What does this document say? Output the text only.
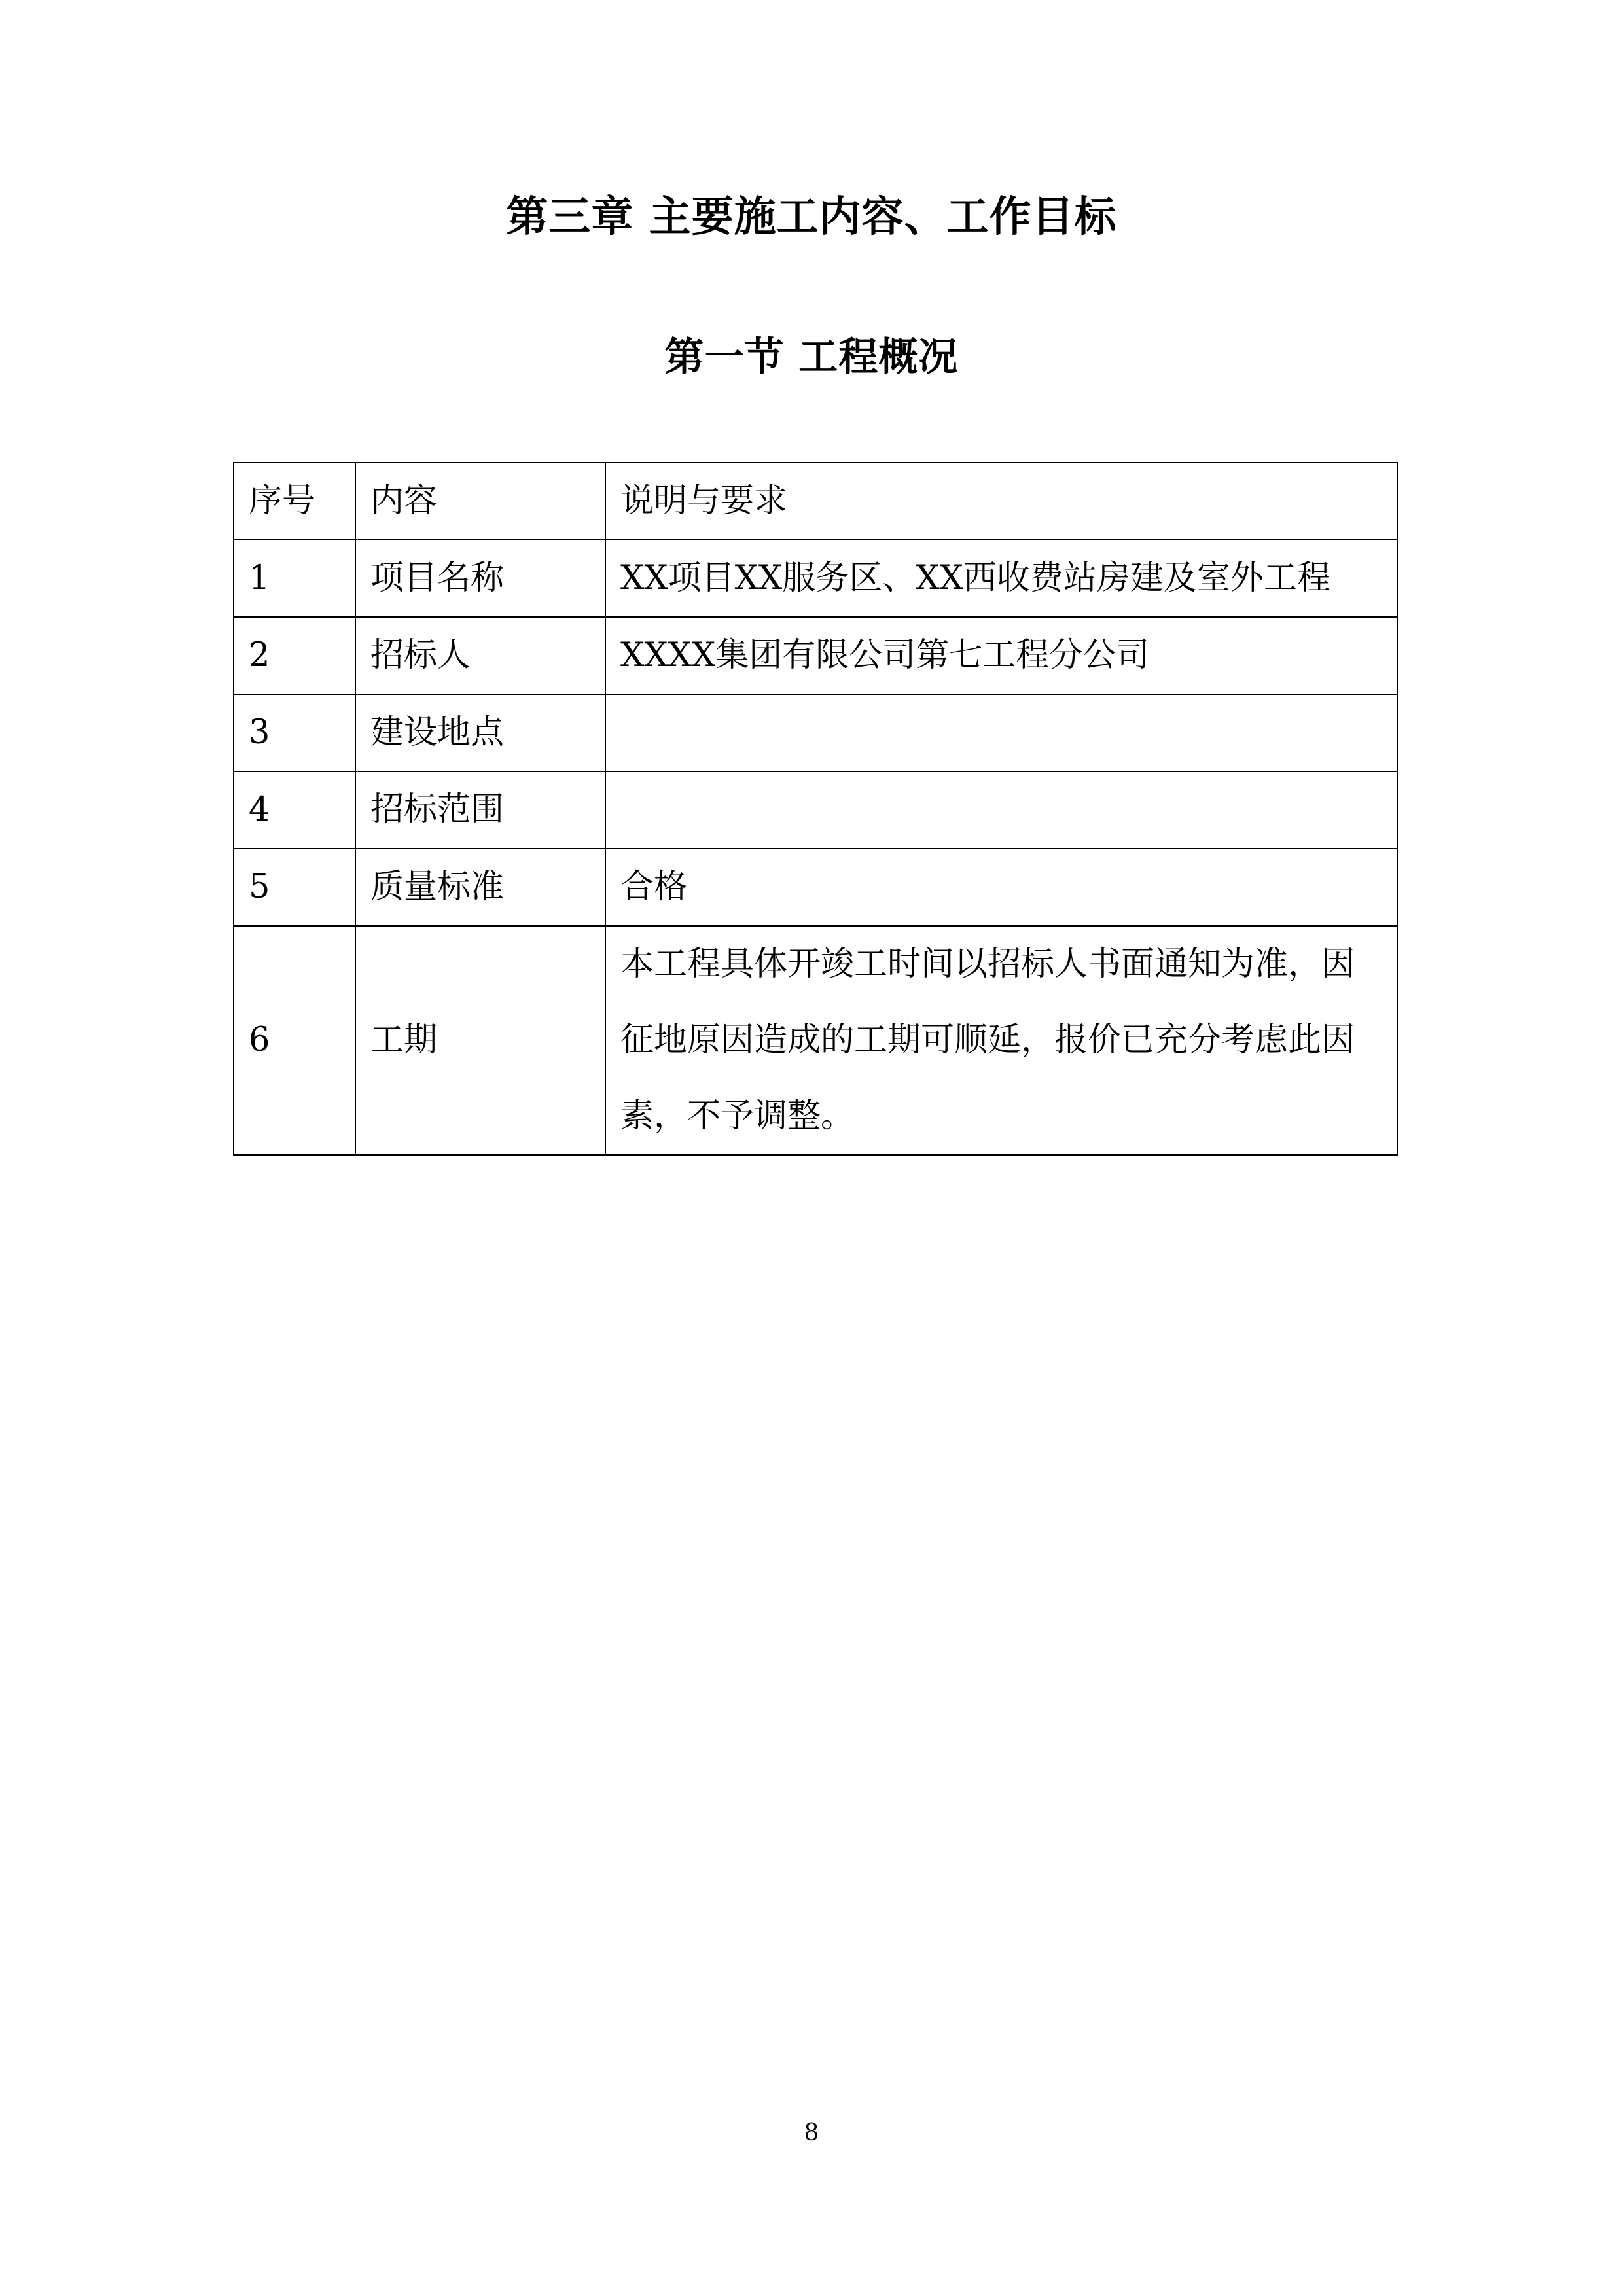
第三章 主要施工内容、工作目标
第一节 工程概况
序号	内容	说明与要求
1	项目名称	XX项目XX服务区、XX西收费站房建及室外工程
2	招标人	XXXX集团有限公司第七工程分公司
3	建设地点	
4	招标范围	
5	质量标准	合格
6	工期	本工程具体开竣工时间以招标人书面通知为准，因征地原因造成的工期可顺延，报价已充分考虑此因素，不予调整。
8
